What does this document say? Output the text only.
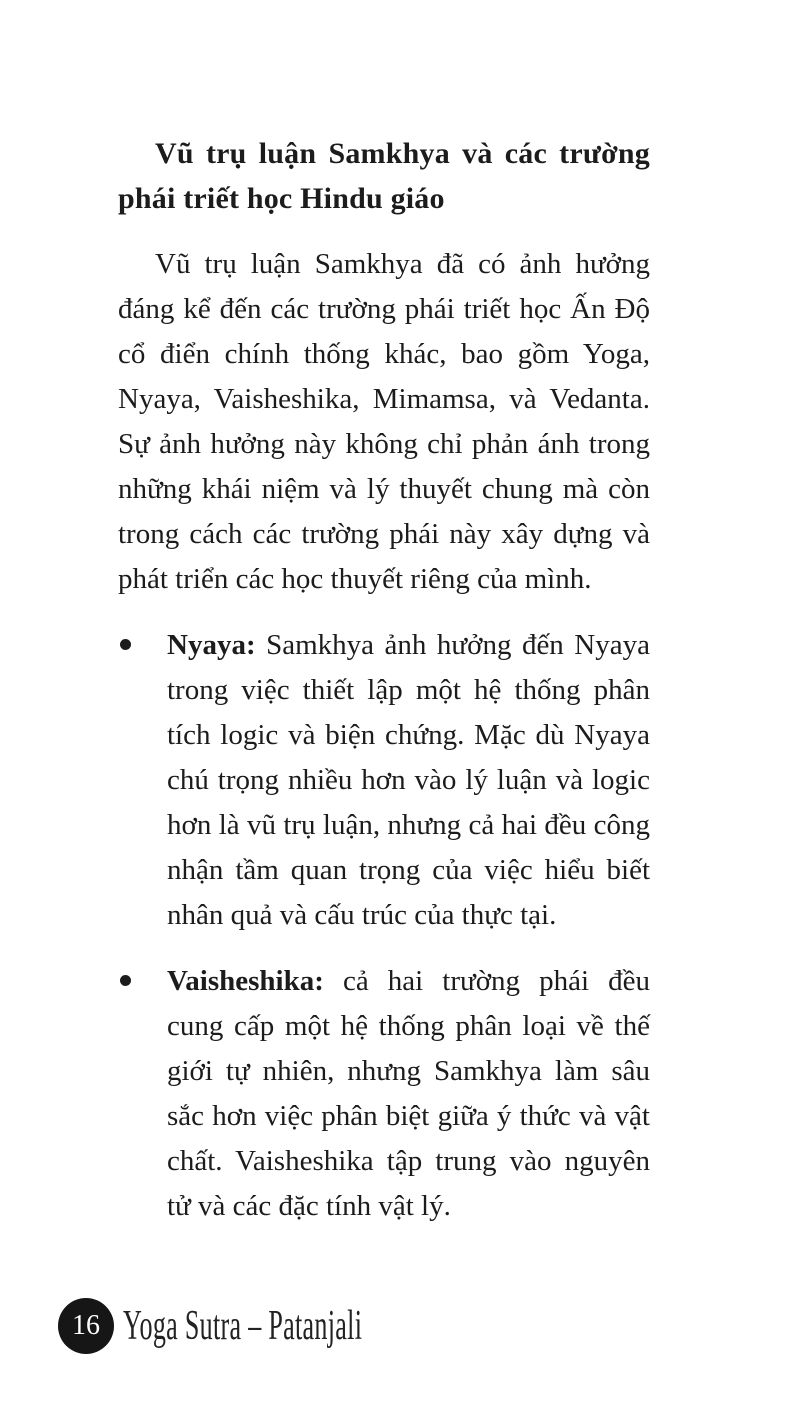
Vũ trụ luận Samkhya và các trường phái triết học Hindu giáo

Vũ trụ luận Samkhya đã có ảnh hưởng đáng kể đến các trường phái triết học Ấn Độ cổ điển chính thống khác, bao gồm Yoga, Nyaya, Vaisheshika, Mimamsa, và Vedanta. Sự ảnh hưởng này không chỉ phản ánh trong những khái niệm và lý thuyết chung mà còn trong cách các trường phái này xây dựng và phát triển các học thuyết riêng của mình.

Nyaya: Samkhya ảnh hưởng đến Nyaya trong việc thiết lập một hệ thống phân tích logic và biện chứng. Mặc dù Nyaya chú trọng nhiều hơn vào lý luận và logic hơn là vũ trụ luận, nhưng cả hai đều công nhận tầm quan trọng của việc hiểu biết nhân quả và cấu trúc của thực tại.
Vaisheshika: cả hai trường phái đều cung cấp một hệ thống phân loại về thế giới tự nhiên, nhưng Samkhya làm sâu sắc hơn việc phân biệt giữa ý thức và vật chất. Vaisheshika tập trung vào nguyên tử và các đặc tính vật lý.
16 Yoga Sutra – Patanjali
